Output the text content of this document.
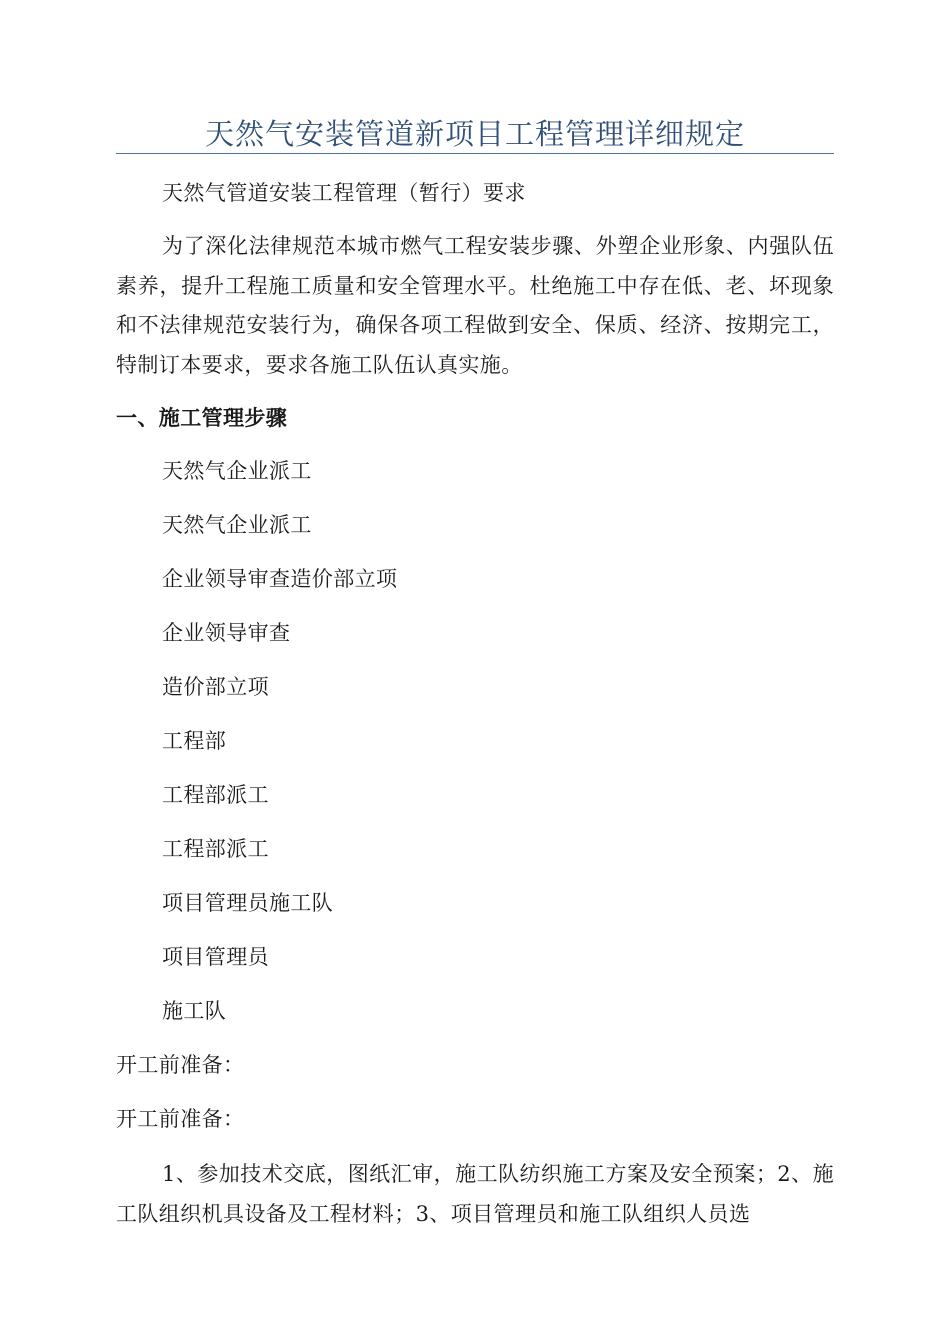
天然气安装管道新项目工程管理详细规定
天然气管道安装工程管理（暂行）要求
为了深化法律规范本城市燃气工程安装步骤、外塑企业形象、内强队伍素养，提升工程施工质量和安全管理水平。杜绝施工中存在低、老、坏现象和不法律规范安装行为，确保各项工程做到安全、保质、经济、按期完工，特制订本要求，要求各施工队伍认真实施。
一、施工管理步骤
天然气企业派工
天然气企业派工
企业领导审查造价部立项
企业领导审查
造价部立项
工程部
工程部派工
工程部派工
项目管理员施工队
项目管理员
施工队
开工前准备：
开工前准备：
1、参加技术交底，图纸汇审，施工队纺织施工方案及安全预案；2、施工队组织机具设备及工程材料；3、项目管理员和施工队组织人员选
